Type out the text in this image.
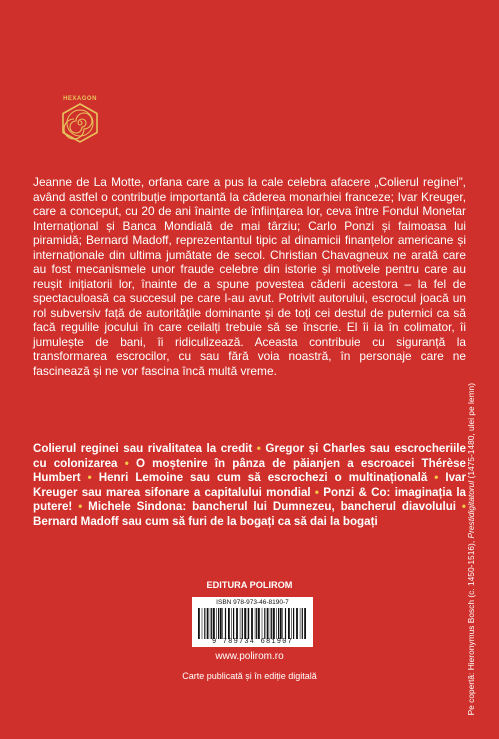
HEXAGON

Jeanne de La Motte, orfana care a pus la cale celebra afacere „Colierul reginei”, având astfel o contribuție importantă la căderea monarhiei franceze; Ivar Kreuger, care a conceput, cu 20 de ani înainte de înființarea lor, ceva între Fondul Monetar Internațional și Banca Mondială de mai târziu; Carlo Ponzi și faimoasa lui piramidă; Bernard Madoff, reprezentantul tipic al dinamicii finanțelor americane și internaționale din ultima jumătate de secol. Christian Chavagneux ne arată care au fost mecanismele unor fraude celebre din istorie și motivele pentru care au reușit inițiatorii lor, înainte de a spune povestea căderii acestora – la fel de spectaculoasă ca succesul pe care l-au avut. Potrivit autorului, escrocul joacă un rol subversiv față de autoritățile dominante și de toți cei destul de puternici ca să facă regulile jocului în care ceilalți trebuie să se înscrie. El îi ia în colimator, îi jumulește de bani, îi ridiculizează. Aceasta contribuie cu siguranță la transformarea escrocilor, cu sau fără voia noastră, în personaje care ne fascinează și ne vor fascina încă multă vreme.

Colierul reginei sau rivalitatea la credit • Gregor și Charles sau escrocheriile cu colonizarea • O moștenire în pânza de păianjen a escroacei Thérèse Humbert • Henri Lemoine sau cum să escrochezi o multinațională • Ivar Kreuger sau marea sifonare a capitalului mondial • Ponzi & Co: imaginația la putere! • Michele Sindona: bancherul lui Dumnezeu, bancherul diavolului • Bernard Madoff sau cum să furi de la bogați ca să dai la bogați

EDITURA POLIROM
ISBN 978-973-46-8190-7
9 789734 681907
www.polirom.ro
Carte publicată și în ediție digitală	Pe copertă: Hieronymus Bosch (c. 1450-1516), Prestidigitatorul (1475-1480, ulei pe lemn)
